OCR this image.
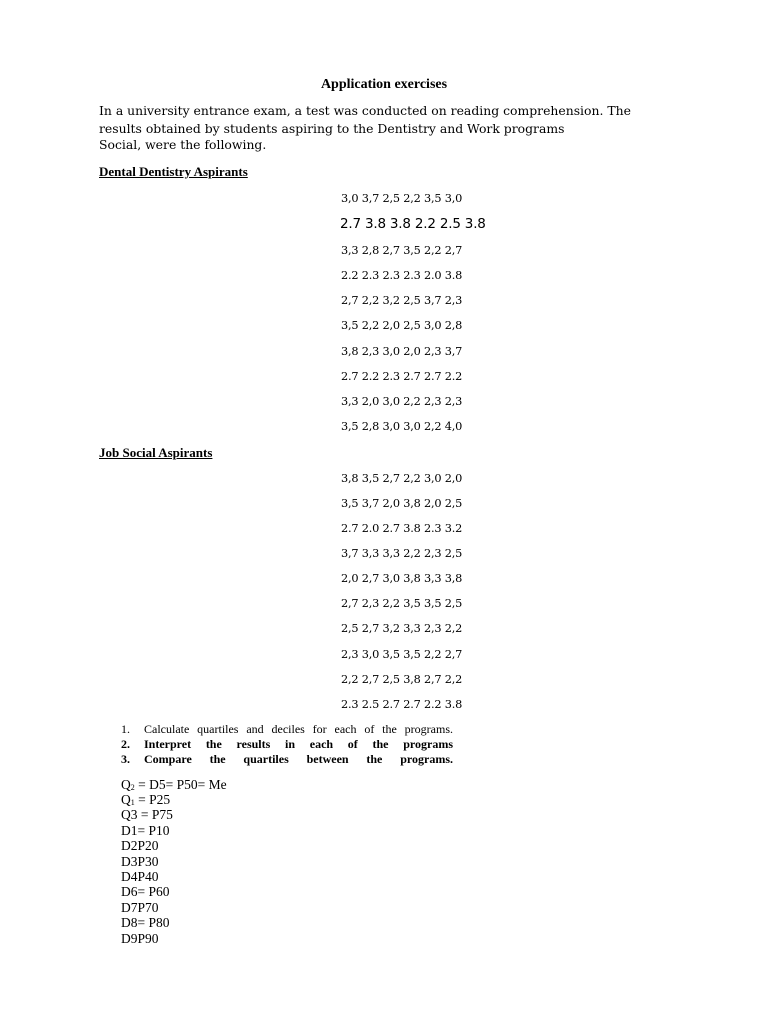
Application exercises
In a university entrance exam, a test was conducted on reading comprehension. The
results obtained by students aspiring to the Dentistry and Work programs
Social, were the following.
Dental Dentistry Aspirants
3,0 3,7 2,5 2,2 3,5 3,0
2.7 3.8 3.8 2.2 2.5 3.8
3,3 2,8 2,7 3,5 2,2 2,7
2.2 2.3 2.3 2.3 2.0 3.8
2,7 2,2 3,2 2,5 3,7 2,3
3,5 2,2 2,0 2,5 3,0 2,8
3,8 2,3 3,0 2,0 2,3 3,7
2.7 2.2 2.3 2.7 2.7 2.2
3,3 2,0 3,0 2,2 2,3 2,3
3,5 2,8 3,0 3,0 2,2 4,0
Job Social Aspirants
3,8 3,5 2,7 2,2 3,0 2,0
3,5 3,7 2,0 3,8 2,0 2,5
2.7 2.0 2.7 3.8 2.3 3.2
3,7 3,3 3,3 2,2 2,3 2,5
2,0 2,7 3,0 3,8 3,3 3,8
2,7 2,3 2,2 3,5 3,5 2,5
2,5 2,7 3,2 3,3 2,3 2,2
2,3 3,0 3,5 3,5 2,2 2,7
2,2 2,7 2,5 3,8 2,7 2,2
2.3 2.5 2.7 2.7 2.2 3.8
1.	Calculate quartiles and deciles for each of the programs.
2.	Interpret the results in each of the programs
3.	Compare the quartiles between the programs.
$Q_2 = D5= P50= Me$
$Q_1 = P25$
Q3 = P75
D1= P10
D2P20
D3P30
D4P40
D6= P60
D7P70
D8= P80
D9P90
